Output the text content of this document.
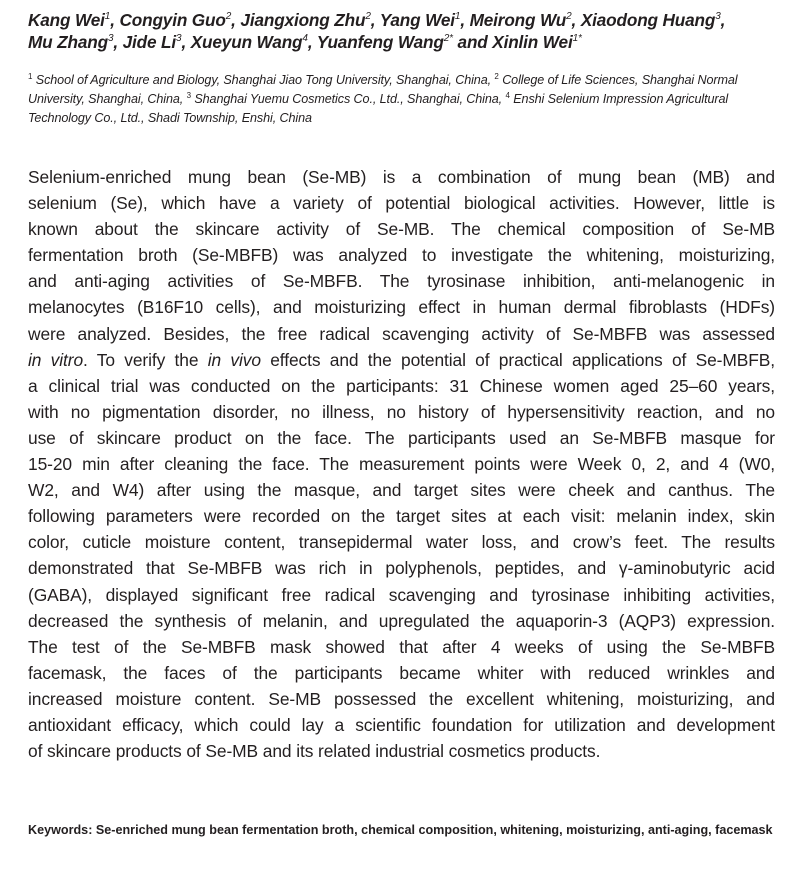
Kang Wei$^1$, Congyin Guo$^2$, Jiangxiong Zhu$^2$, Yang Wei$^1$, Meirong Wu$^2$, Xiaodong Huang$^3$,
Mu Zhang$^3$, Jide Li$^3$, Xueyun Wang$^4$, Yuanfeng Wang$^{2*}$ and Xinlin Wei$^{1*}$
$^1$ School of Agriculture and Biology, Shanghai Jiao Tong University, Shanghai, China, $^2$ College of Life Sciences, Shanghai Normal University, Shanghai, China, $^3$ Shanghai Yuemu Cosmetics Co., Ltd., Shanghai, China, $^4$ Enshi Selenium Impression Agricultural Technology Co., Ltd., Shadi Township, Enshi, China
Selenium-enriched mung bean (Se-MB) is a combination of mung bean (MB) and
selenium (Se), which have a variety of potential biological activities. However, little is
known about the skincare activity of Se-MB. The chemical composition of Se-MB
fermentation broth (Se-MBFB) was analyzed to investigate the whitening, moisturizing,
and anti-aging activities of Se-MBFB. The tyrosinase inhibition, anti-melanogenic in
melanocytes (B16F10 cells), and moisturizing effect in human dermal fibroblasts (HDFs)
were analyzed. Besides, the free radical scavenging activity of Se-MBFB was assessed
in vitro. To verify the in vivo effects and the potential of practical applications of Se-MBFB,
a clinical trial was conducted on the participants: 31 Chinese women aged 25–60 years,
with no pigmentation disorder, no illness, no history of hypersensitivity reaction, and no
use of skincare product on the face. The participants used an Se-MBFB masque for
15-20 min after cleaning the face. The measurement points were Week 0, 2, and 4 (W0,
W2, and W4) after using the masque, and target sites were cheek and canthus. The
following parameters were recorded on the target sites at each visit: melanin index, skin
color, cuticle moisture content, transepidermal water loss, and crow’s feet. The results
demonstrated that Se-MBFB was rich in polyphenols, peptides, and γ-aminobutyric acid
(GABA), displayed significant free radical scavenging and tyrosinase inhibiting activities,
decreased the synthesis of melanin, and upregulated the aquaporin-3 (AQP3) expression.
The test of the Se-MBFB mask showed that after 4 weeks of using the Se-MBFB
facemask, the faces of the participants became whiter with reduced wrinkles and
increased moisture content. Se-MB possessed the excellent whitening, moisturizing, and
antioxidant efficacy, which could lay a scientific foundation for utilization and development
of skincare products of Se-MB and its related industrial cosmetics products.
Keywords: Se-enriched mung bean fermentation broth, chemical composition, whitening, moisturizing, anti-aging, facemask
